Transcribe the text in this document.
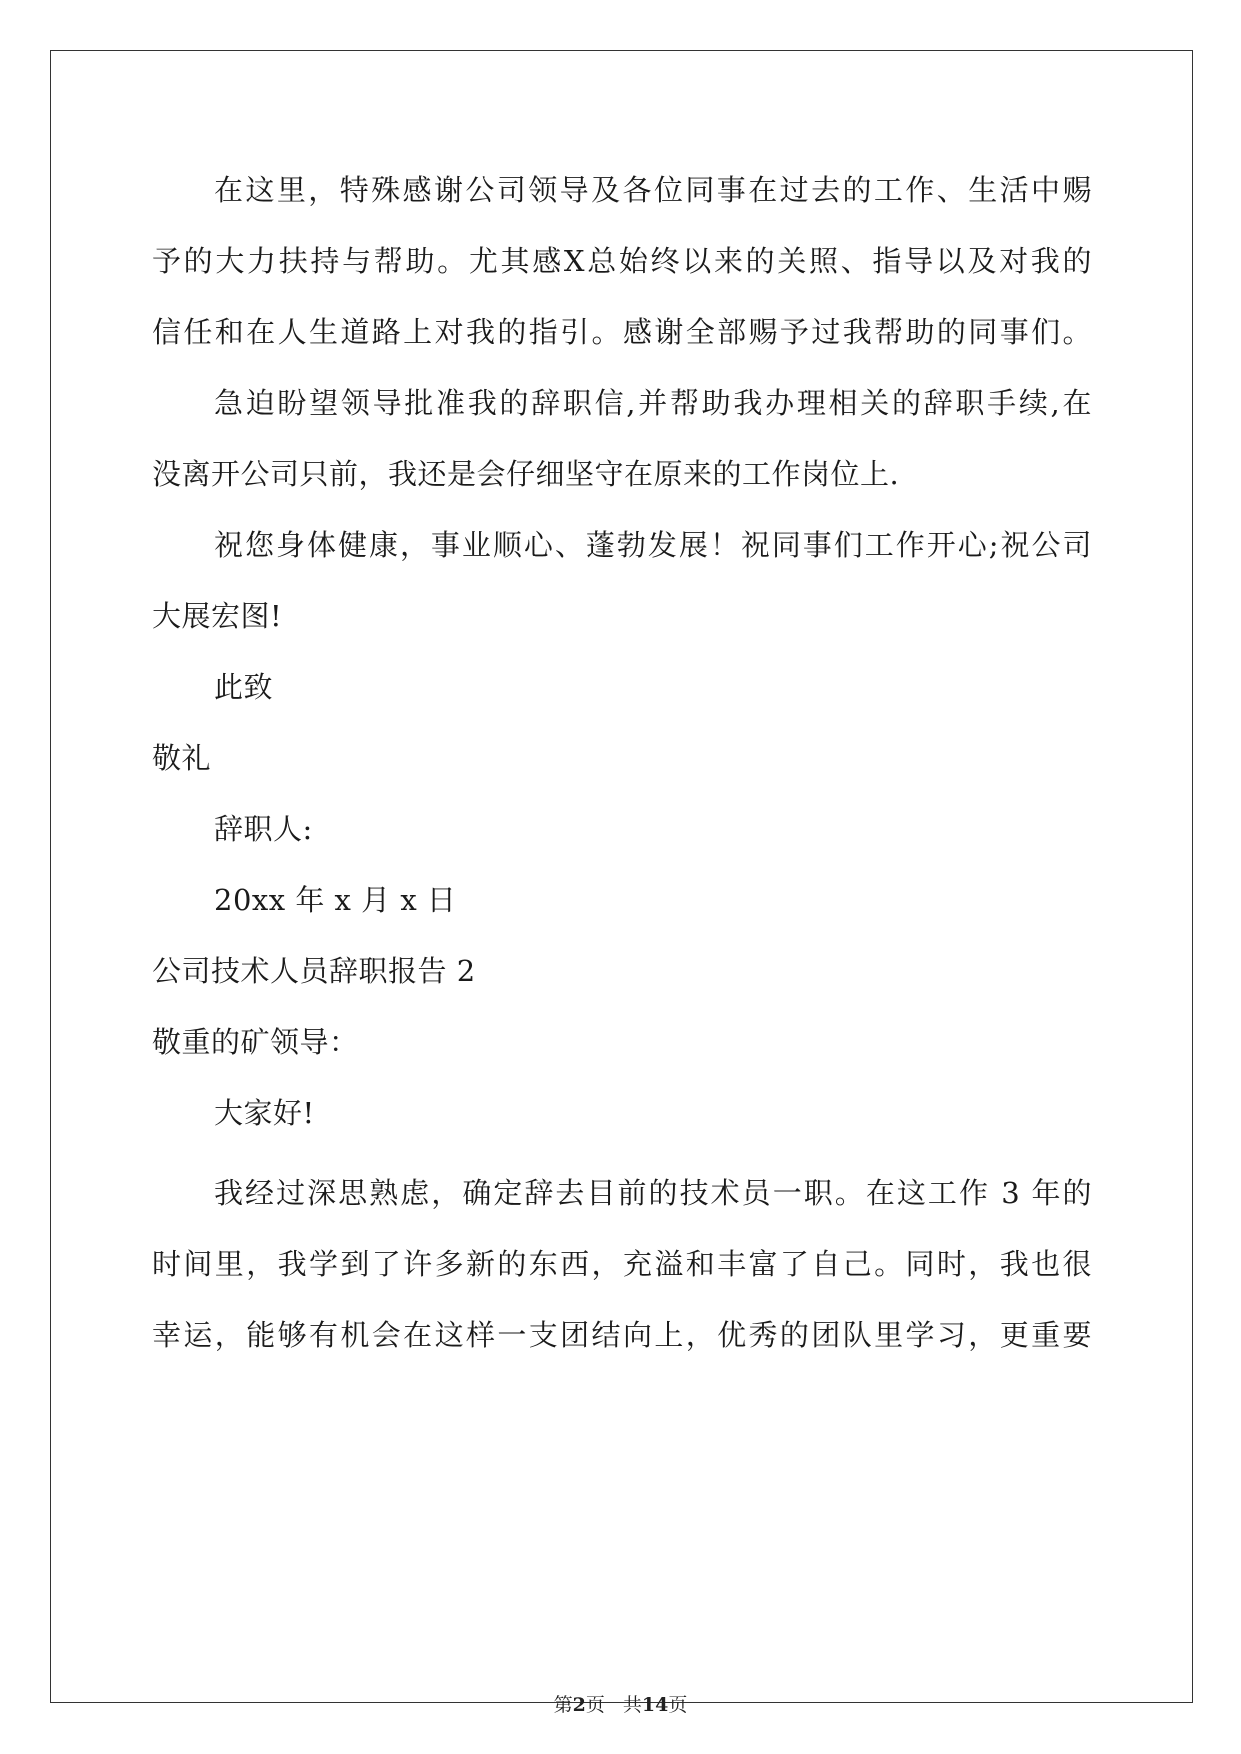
在这里，特殊感谢公司领导及各位同事在过去的工作、生活中赐
予的大力扶持与帮助。尤其感X总始终以来的关照、指导以及对我的
信任和在人生道路上对我的指引。感谢全部赐予过我帮助的同事们。
急迫盼望领导批准我的辞职信,并帮助我办理相关的辞职手续,在
没离开公司只前，我还是会仔细坚守在原来的工作岗位上.
祝您身体健康，事业顺心、蓬勃发展！祝同事们工作开心;祝公司
大展宏图!
此致
敬礼
辞职人:
20xx 年 x 月 x 日
公司技术人员辞职报告 2
敬重的矿领导：
大家好!
我经过深思熟虑，确定辞去目前的技术员一职。在这工作 3 年的
时间里，我学到了许多新的东西，充溢和丰富了自己。同时，我也很
幸运，能够有机会在这样一支团结向上，优秀的团队里学习，更重要
第2页 共14页
